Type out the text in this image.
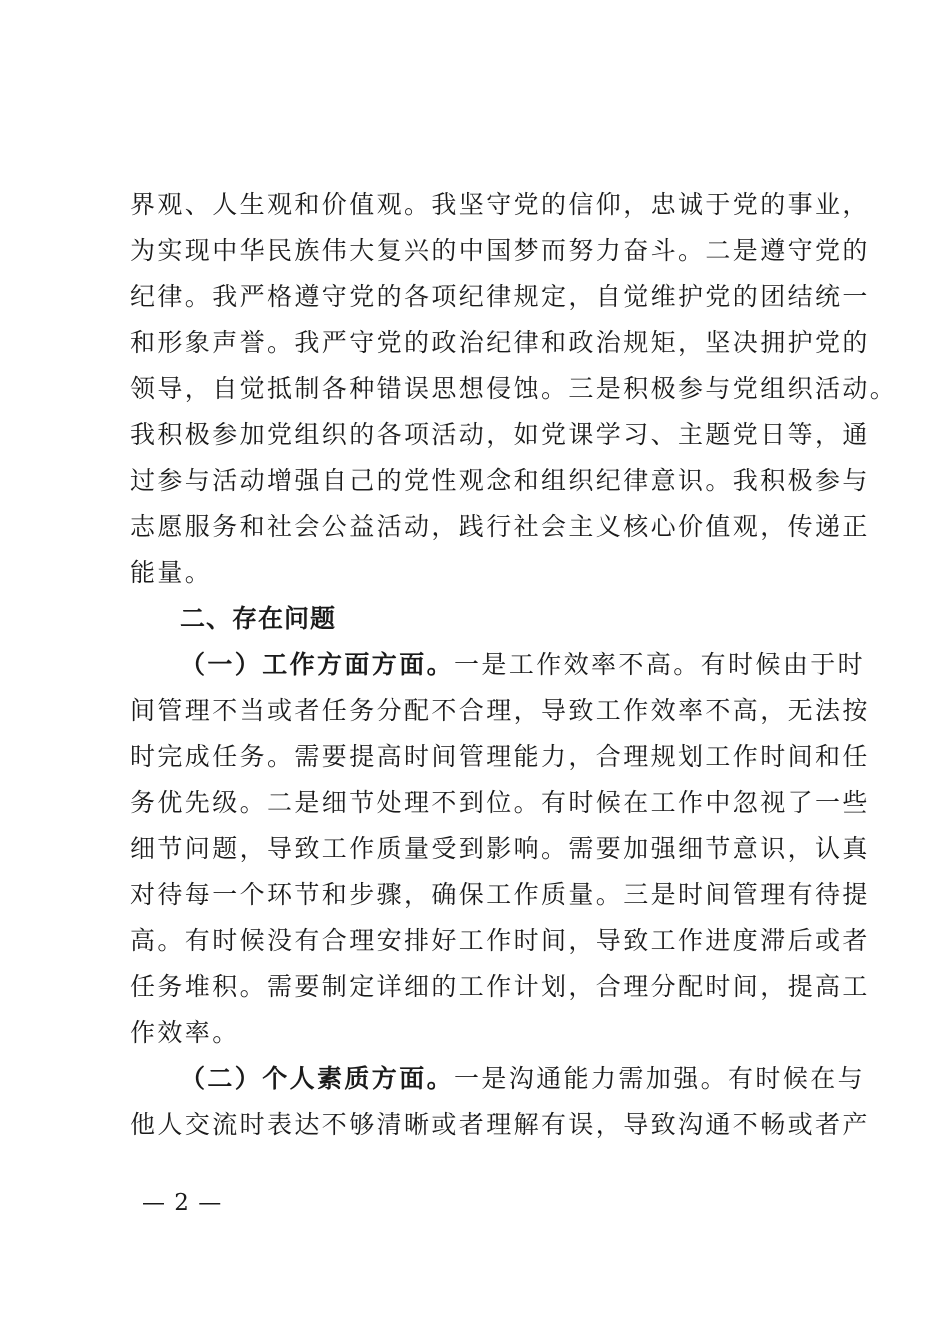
界观、人生观和价值观。我坚守党的信仰，忠诚于党的事业，
为实现中华民族伟大复兴的中国梦而努力奋斗。二是遵守党的
纪律。我严格遵守党的各项纪律规定，自觉维护党的团结统一
和形象声誉。我严守党的政治纪律和政治规矩，坚决拥护党的
领导，自觉抵制各种错误思想侵蚀。三是积极参与党组织活动。
我积极参加党组织的各项活动，如党课学习、主题党日等，通
过参与活动增强自己的党性观念和组织纪律意识。我积极参与
志愿服务和社会公益活动，践行社会主义核心价值观，传递正
能量。
二、存在问题
（一）工作方面方面。一是工作效率不高。有时候由于时
间管理不当或者任务分配不合理，导致工作效率不高，无法按
时完成任务。需要提高时间管理能力，合理规划工作时间和任
务优先级。二是细节处理不到位。有时候在工作中忽视了一些
细节问题，导致工作质量受到影响。需要加强细节意识，认真
对待每一个环节和步骤，确保工作质量。三是时间管理有待提
高。有时候没有合理安排好工作时间，导致工作进度滞后或者
任务堆积。需要制定详细的工作计划，合理分配时间，提高工
作效率。
（二）个人素质方面。一是沟通能力需加强。有时候在与
他人交流时表达不够清晰或者理解有误，导致沟通不畅或者产
— 2 —
